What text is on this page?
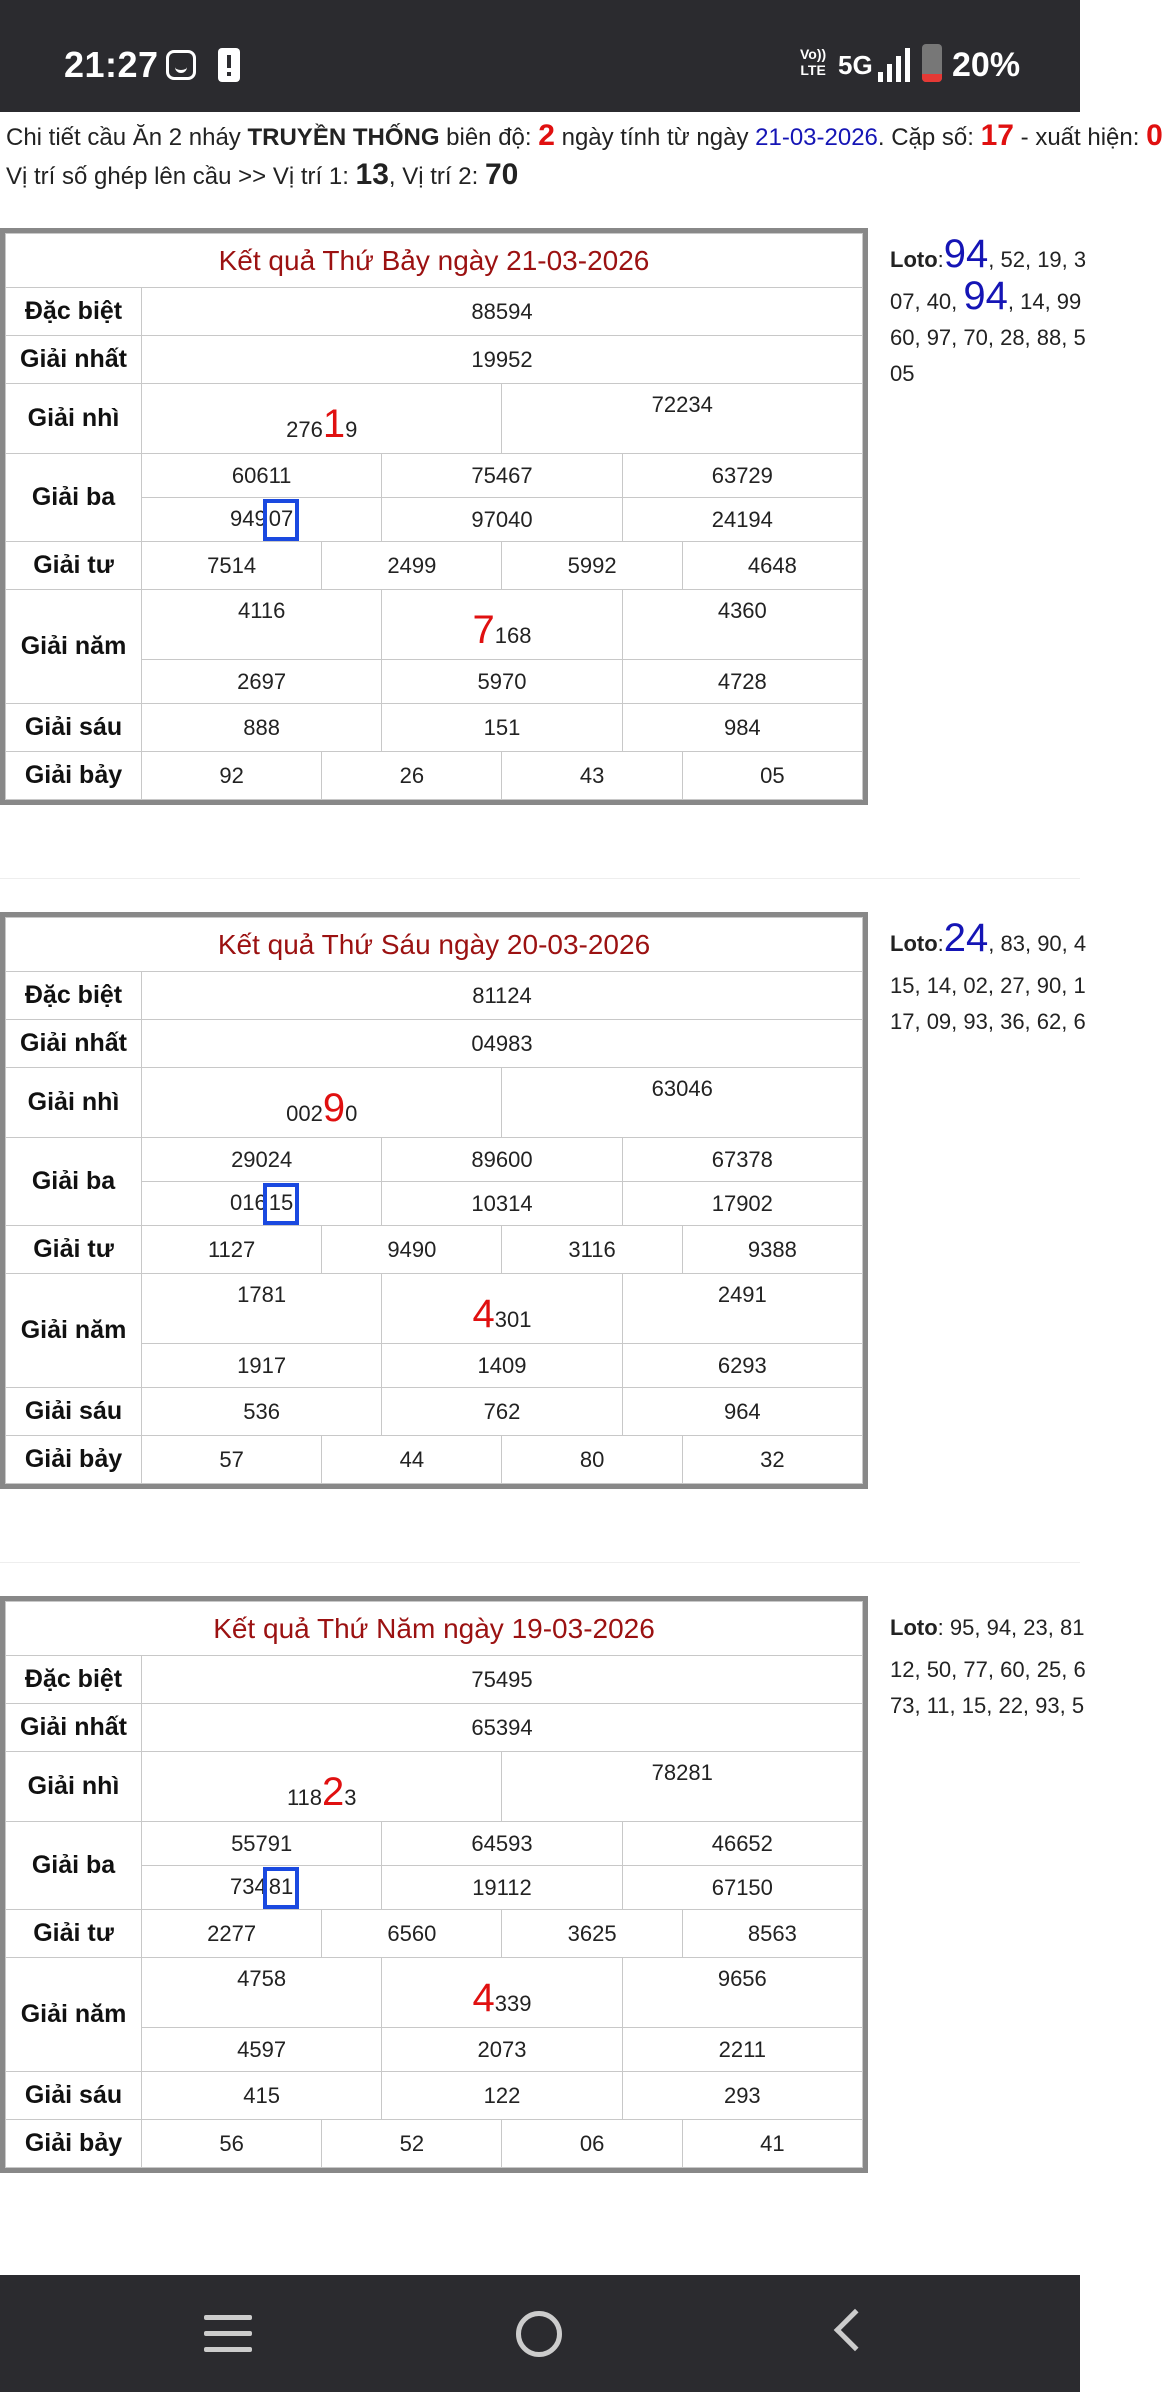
21:27	Vo))
LTE 5G 20%
Chi tiết cầu Ăn 2 nháy TRUYỀN THỐNG biên độ: 2 ngày tính từ ngày 21-03-2026. Cặp số: 17 - xuất hiện: 0
Vị trí số ghép lên cầu >> Vị trí 1: 13, Vị trí 2: 70
Kết quả Thứ Bảy ngày 21-03-2026						
Đặc biệt	88594					
Giải nhất	19952					
Giải nhì	27619			72234		
Giải ba	60611		75467		63729	
	94907		97040		24194	
Giải tư	7514	2499		5992		4648
Giải năm	4116		7168		4360	
	2697		5970		4728	
Giải sáu	888		151		984	
Giải bảy	92	26		43		05
Loto:94, 52, 19, 3
07, 40, 94, 14, 99
60, 97, 70, 28, 88, 5
05
Kết quả Thứ Sáu ngày 20-03-2026						
Đặc biệt	81124					
Giải nhất	04983					
Giải nhì	00290			63046		
Giải ba	29024		89600		67378	
	01615		10314		17902	
Giải tư	1127	9490		3116		9388
Giải năm	1781		4301		2491	
	1917		1409		6293	
Giải sáu	536		762		964	
Giải bảy	57	44		80		32
Loto:24, 83, 90, 4
15, 14, 02, 27, 90, 1
17, 09, 93, 36, 62, 6
Kết quả Thứ Năm ngày 19-03-2026						
Đặc biệt	75495					
Giải nhất	65394					
Giải nhì	11823			78281		
Giải ba	55791		64593		46652	
	73481		19112		67150	
Giải tư	2277	6560		3625		8563
Giải năm	4758		4339		9656	
	4597		2073		2211	
Giải sáu	415		122		293	
Giải bảy	56	52		06		41
Loto: 95, 94, 23, 81
12, 50, 77, 60, 25, 6
73, 11, 15, 22, 93, 5
